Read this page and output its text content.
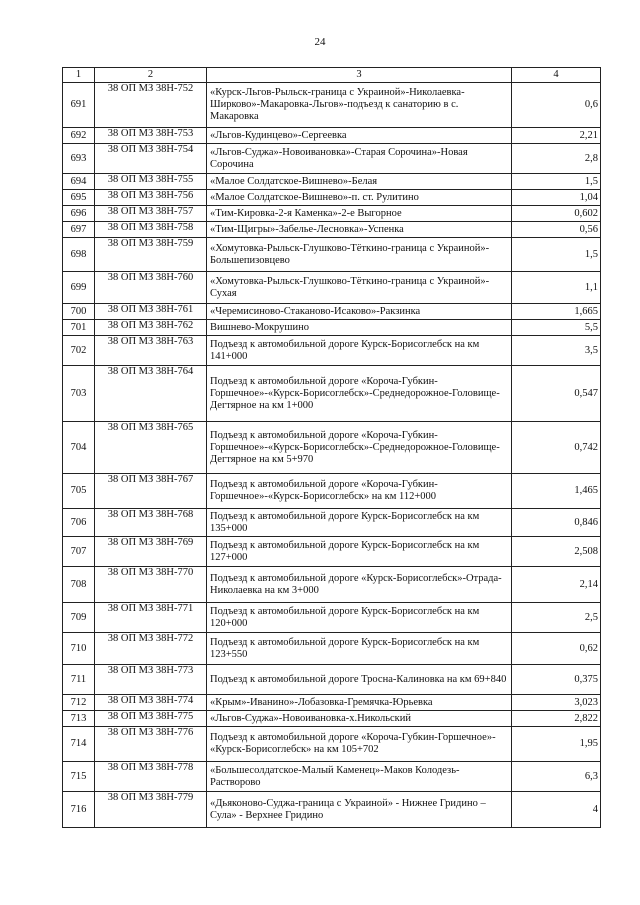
24
1	2	3	4
691	38 ОП МЗ 38Н-752	«Курск-Льгов-Рыльск-граница с Украиной»-Николаевка-Ширково»-Макаровка-Льгов»-подъезд к санаторию в с. Макаровка	0,6
692	38 ОП МЗ 38Н-753	«Льгов-Кудинцево»-Сергеевка	2,21
693	38 ОП МЗ 38Н-754	«Льгов-Суджа»-Новоивановка»-Старая Сорочина»-Новая Сорочина	2,8
694	38 ОП МЗ 38Н-755	«Малое Солдатское-Вишнево»-Белая	1,5
695	38 ОП МЗ 38Н-756	«Малое Солдатское-Вишнево»-п. ст. Рулитино	1,04
696	38 ОП МЗ 38Н-757	«Тим-Кировка-2-я Каменка»-2-е Выгорное	0,602
697	38 ОП МЗ 38Н-758	«Тим-Щигры»-Забелье-Лесновка»-Успенка	0,56
698	38 ОП МЗ 38Н-759	«Хомутовка-Рыльск-Глушково-Тёткино-граница с Украиной»-Большепизовцево	1,5
699	38 ОП МЗ 38Н-760	«Хомутовка-Рыльск-Глушково-Тёткино-граница с Украиной»-Сухая	1,1
700	38 ОП МЗ 38Н-761	«Черемисиново-Стаканово-Исаково»-Ракзинка	1,665
701	38 ОП МЗ 38Н-762	Вишнево-Мокрушино	5,5
702	38 ОП МЗ 38Н-763	Подъезд к автомобильной дороге Курск-Борисоглебск на км 141+000	3,5
703	38 ОП МЗ 38Н-764	Подъезд к автомобильной дороге «Короча-Губкин-Горшечное»-«Курск-Борисоглебск»-Среднедорожное-Головище-Дегтярное на км 1+000	0,547
704	38 ОП МЗ 38Н-765	Подъезд к автомобильной дороге «Короча-Губкин-Горшечное»-«Курск-Борисоглебск»-Среднедорожное-Головище-Дегтярное на км 5+970	0,742
705	38 ОП МЗ 38Н-767	Подъезд к автомобильной дороге «Короча-Губкин-Горшечное»-«Курск-Борисоглебск» на км 112+000	1,465
706	38 ОП МЗ 38Н-768	Подъезд к автомобильной дороге Курск-Борисоглебск на км 135+000	0,846
707	38 ОП МЗ 38Н-769	Подъезд к автомобильной дороге Курск-Борисоглебск на км 127+000	2,508
708	38 ОП МЗ 38Н-770	Подъезд к автомобильной дороге «Курск-Борисоглебск»-Отрада-Николаевка на км 3+000	2,14
709	38 ОП МЗ 38Н-771	Подъезд к автомобильной дороге Курск-Борисоглебск на км 120+000	2,5
710	38 ОП МЗ 38Н-772	Подъезд к автомобильной дороге Курск-Борисоглебск на км 123+550	0,62
711	38 ОП МЗ 38Н-773	Подъезд к автомобильной дороге Тросна-Калиновка на км 69+840	0,375
712	38 ОП МЗ 38Н-774	«Крым»-Иванино»-Лобазовка-Гремячка-Юрьевка	3,023
713	38 ОП МЗ 38Н-775	«Льгов-Суджа»-Новоивановка-х.Никольский	2,822
714	38 ОП МЗ 38Н-776	Подъезд к автомобильной дороге «Короча-Губкин-Горшечное»- «Курск-Борисоглебск» на км 105+702	1,95
715	38 ОП МЗ 38Н-778	«Большесолдатское-Малый Каменец»-Маков Колодезь-Растворово	6,3
716	38 ОП МЗ 38Н-779	«Дьяконово-Суджа-граница с Украиной» - Нижнее Гридино – Сула» - Верхнее Гридино	4
